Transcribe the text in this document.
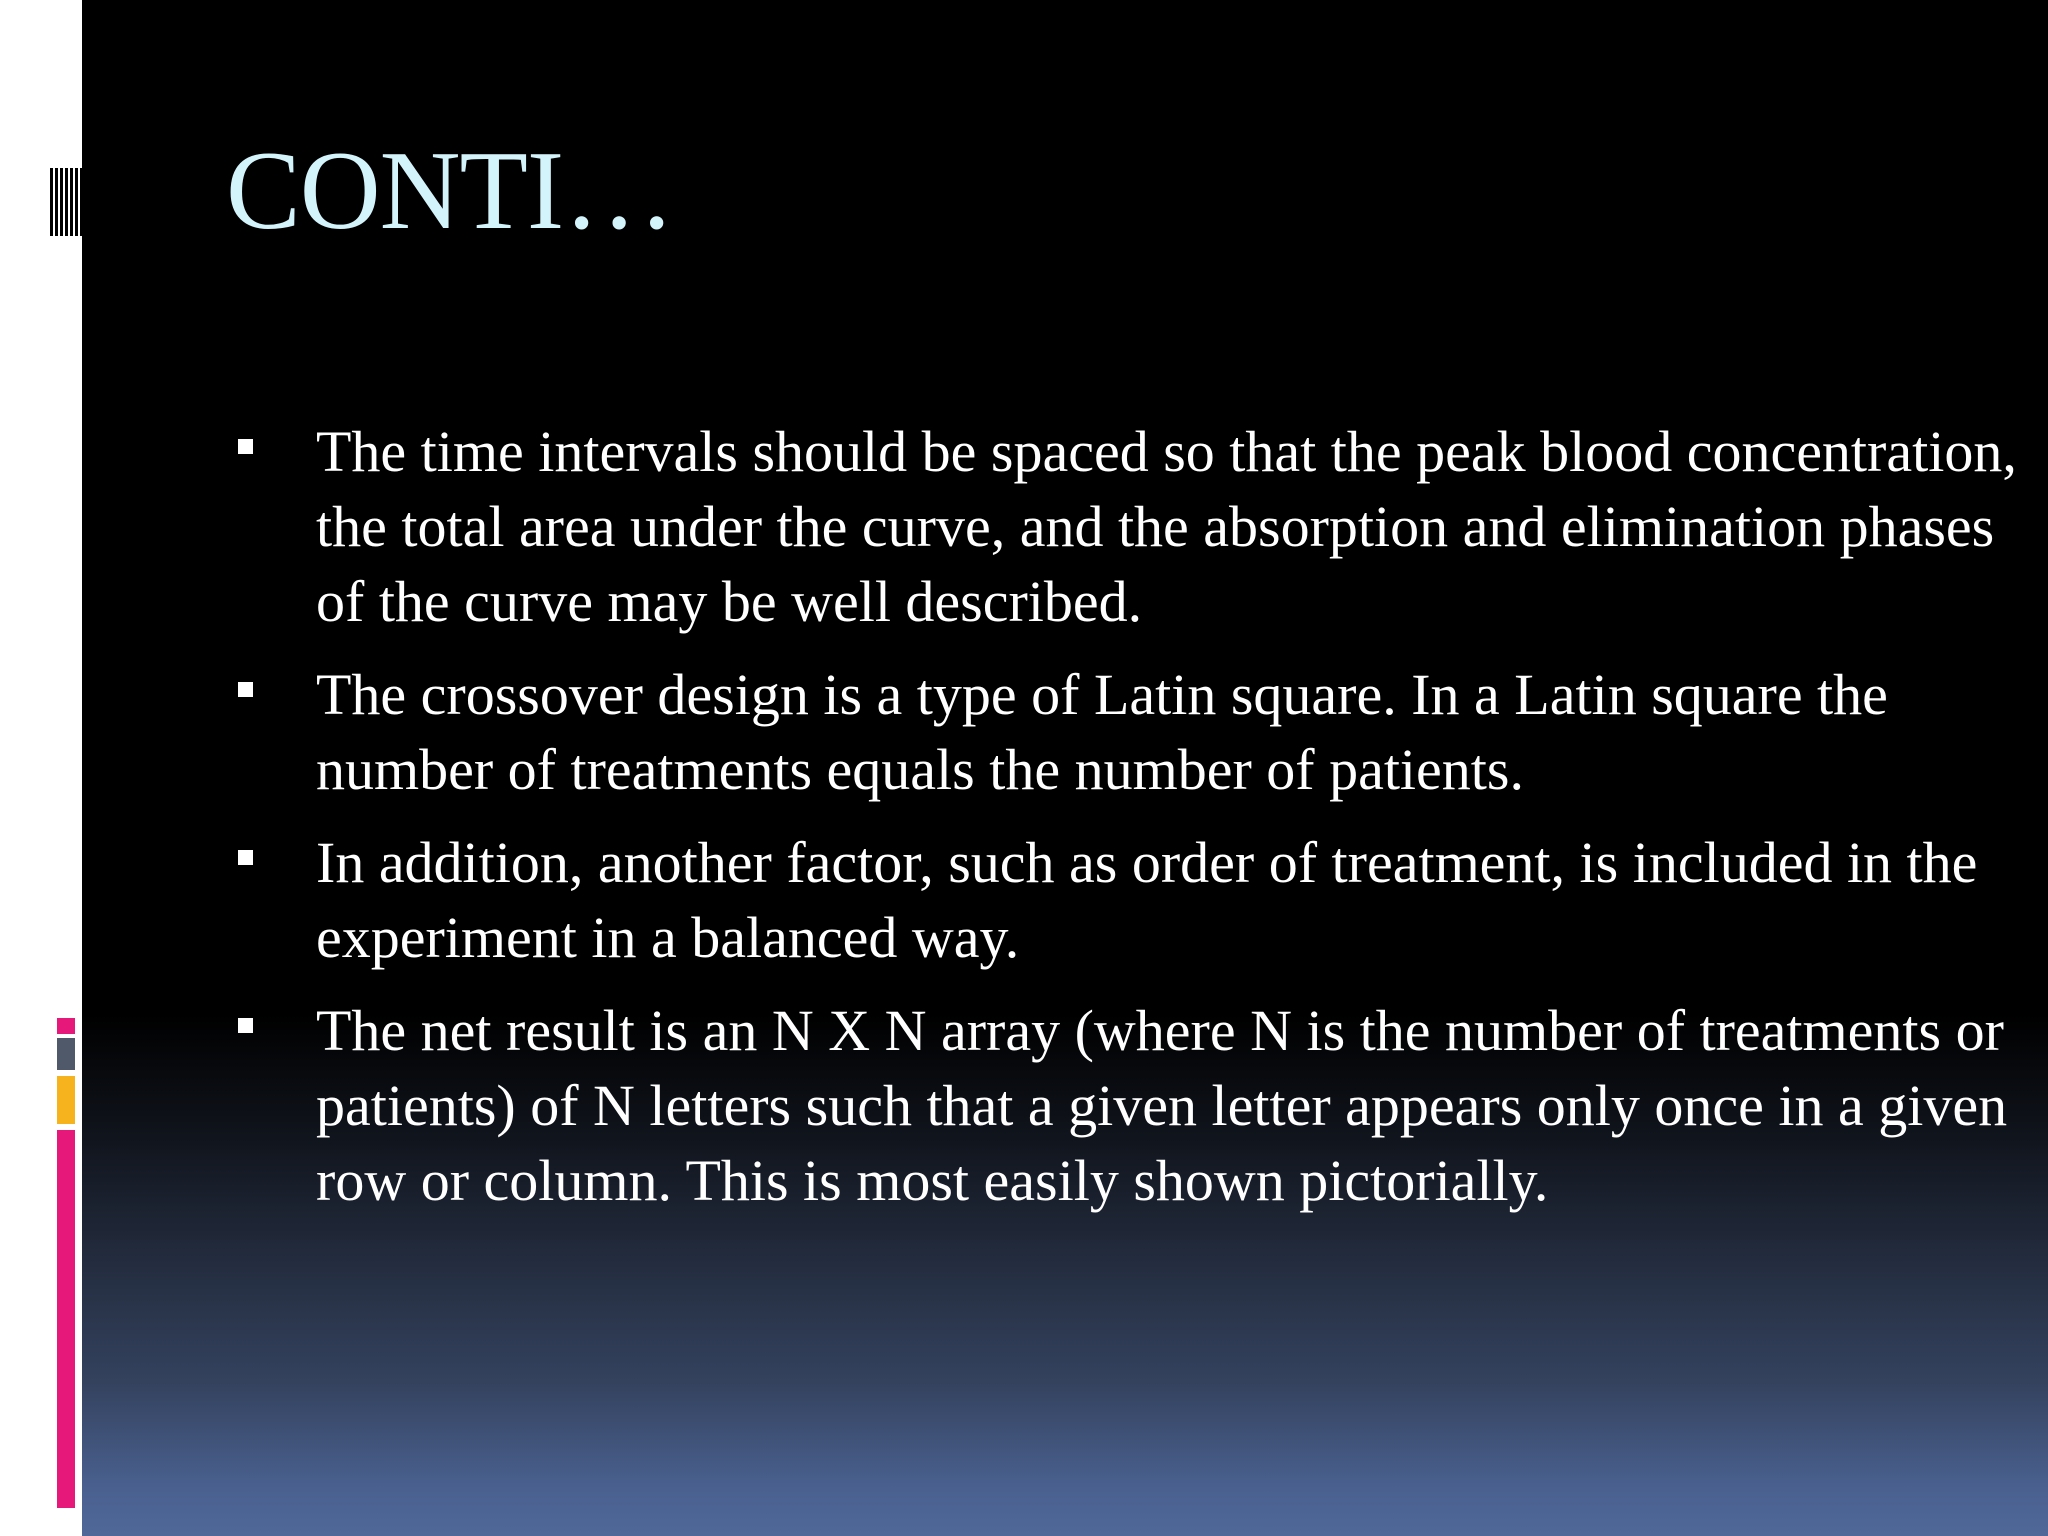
CONTI…
The time intervals should be spaced so that the peak blood concentration, the total area under the curve, and the absorption and elimination phases of the curve may be well described.
The crossover design is a type of Latin square. In a Latin square the number of treatments equals the number of patients.
In addition, another factor, such as order of treatment, is included in the experiment in a balanced way.
The net result is an N X N array (where N is the number of treatments or patients) of N letters such that a given letter appears only once in a given row or column. This is most easily shown pictorially.
